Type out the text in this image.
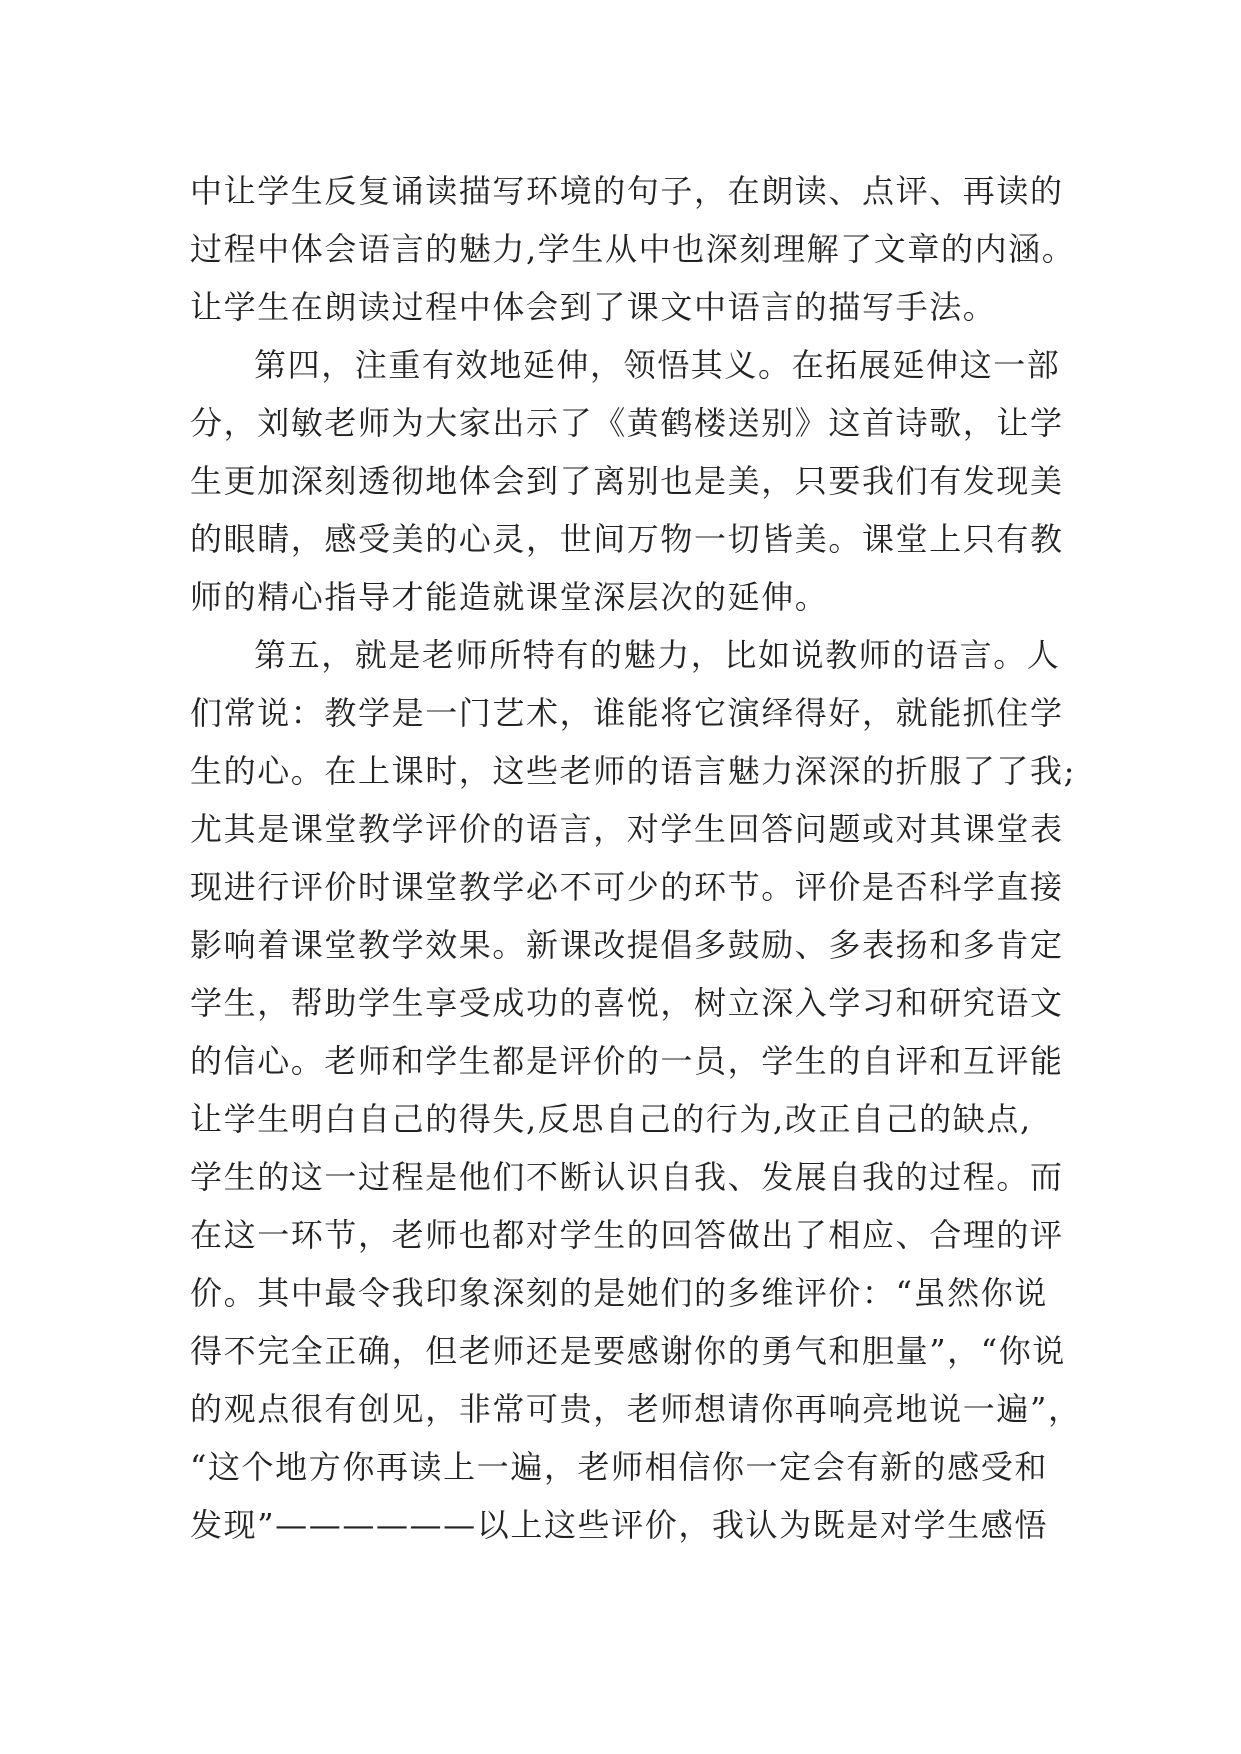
中让学生反复诵读描写环境的句子，在朗读、点评、再读的
过程中体会语言的魅力,学生从中也深刻理解了文章的内涵。
让学生在朗读过程中体会到了课文中语言的描写手法。
第四，注重有效地延伸，领悟其义。在拓展延伸这一部
分，刘敏老师为大家出示了《黄鹤楼送别》这首诗歌，让学
生更加深刻透彻地体会到了离别也是美，只要我们有发现美
的眼睛，感受美的心灵，世间万物一切皆美。课堂上只有教
师的精心指导才能造就课堂深层次的延伸。
第五，就是老师所特有的魅力，比如说教师的语言。人
们常说：教学是一门艺术，谁能将它演绎得好，就能抓住学
生的心。在上课时，这些老师的语言魅力深深的折服了了我;
尤其是课堂教学评价的语言，对学生回答问题或对其课堂表
现进行评价时课堂教学必不可少的环节。评价是否科学直接
影响着课堂教学效果。新课改提倡多鼓励、多表扬和多肯定
学生，帮助学生享受成功的喜悦，树立深入学习和研究语文
的信心。老师和学生都是评价的一员，学生的自评和互评能
让学生明白自己的得失,反思自己的行为,改正自己的缺点,
学生的这一过程是他们不断认识自我、发展自我的过程。而
在这一环节，老师也都对学生的回答做出了相应、合理的评
价。其中最令我印象深刻的是她们的多维评价：“虽然你说
得不完全正确，但老师还是要感谢你的勇气和胆量”，“你说
的观点很有创见，非常可贵，老师想请你再响亮地说一遍”，
“这个地方你再读上一遍，老师相信你一定会有新的感受和
发现”——————以上这些评价，我认为既是对学生感悟
